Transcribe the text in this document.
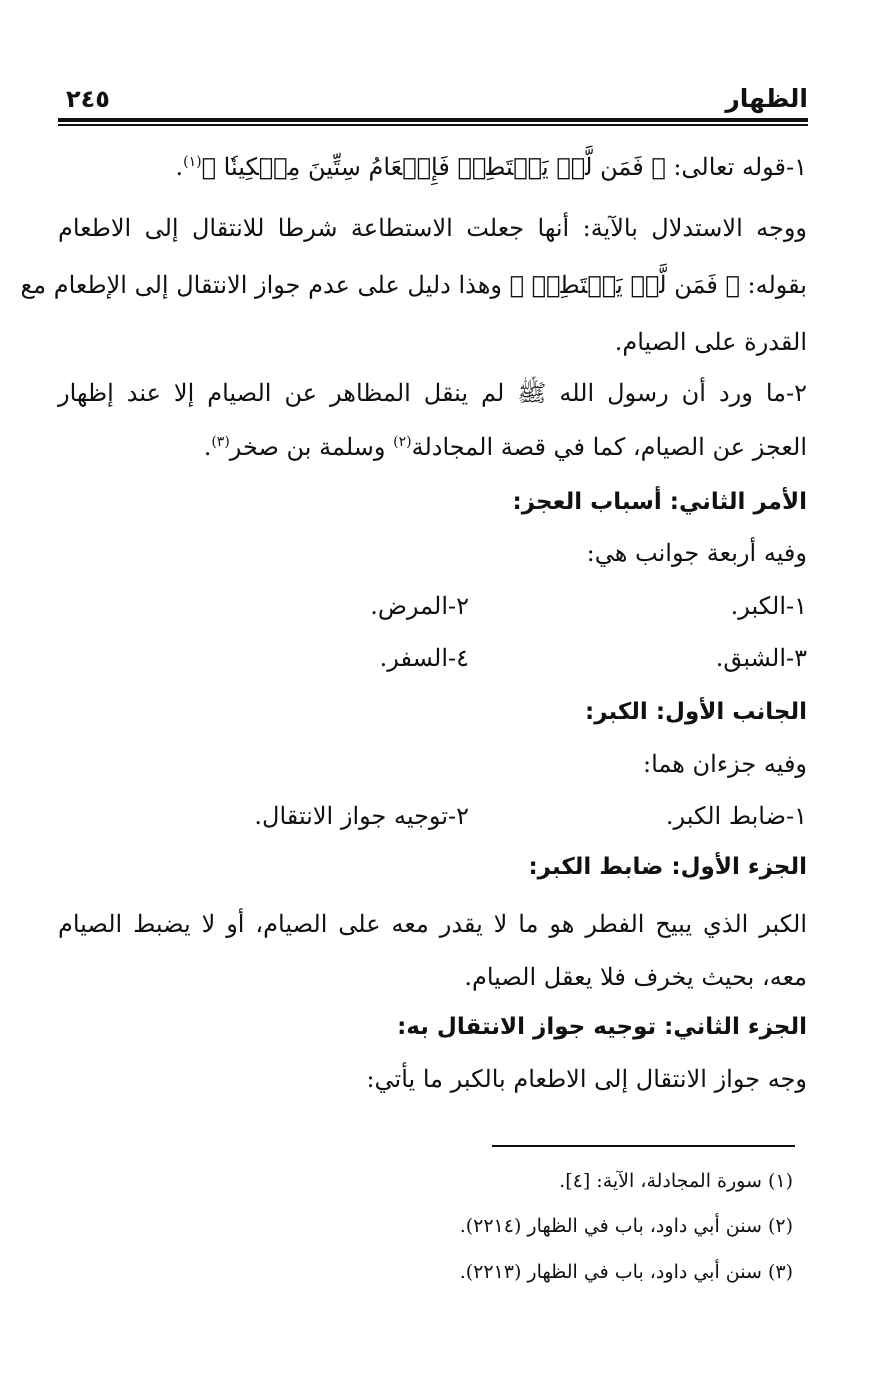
الظهار
٢٤٥
١-قوله تعالى: ﴿ فَمَن لَّمۡ يَسۡتَطِعۡ فَإِطۡعَامُ سِتِّينَ مِسۡكِينٗا ﴾$^{(١)}$.
ووجه الاستدلال بالآية: أنها جعلت الاستطاعة شرطا للانتقال إلى الاطعام
بقوله: ﴿ فَمَن لَّمۡ يَسۡتَطِعۡ ﴾ وهذا دليل على عدم جواز الانتقال إلى الإطعام مع
القدرة على الصيام.
٢-ما ورد أن رسول الله ﷺ لم ينقل المظاهر عن الصيام إلا عند إظهار
العجز عن الصيام، كما في قصة المجادلة$^{(٢)}$ وسلمة بن صخر$^{(٣)}$.
الأمر الثاني: أسباب العجز:
وفيه أربعة جوانب هي:
١-الكبر.
٢-المرض.
٣-الشبق.
٤-السفر.
الجانب الأول: الكبر:
وفيه جزءان هما:
١-ضابط الكبر.
٢-توجيه جواز الانتقال.
الجزء الأول: ضابط الكبر:
الكبر الذي يبيح الفطر هو ما لا يقدر معه على الصيام، أو لا يضبط الصيام
معه، بحيث يخرف فلا يعقل الصيام.
الجزء الثاني: توجيه جواز الانتقال به:
وجه جواز الانتقال إلى الاطعام بالكبر ما يأتي:
(١) سورة المجادلة، الآية: [٤].
(٢) سنن أبي داود، باب في الظهار (٢٢١٤).
(٣) سنن أبي داود، باب في الظهار (٢٢١٣).
